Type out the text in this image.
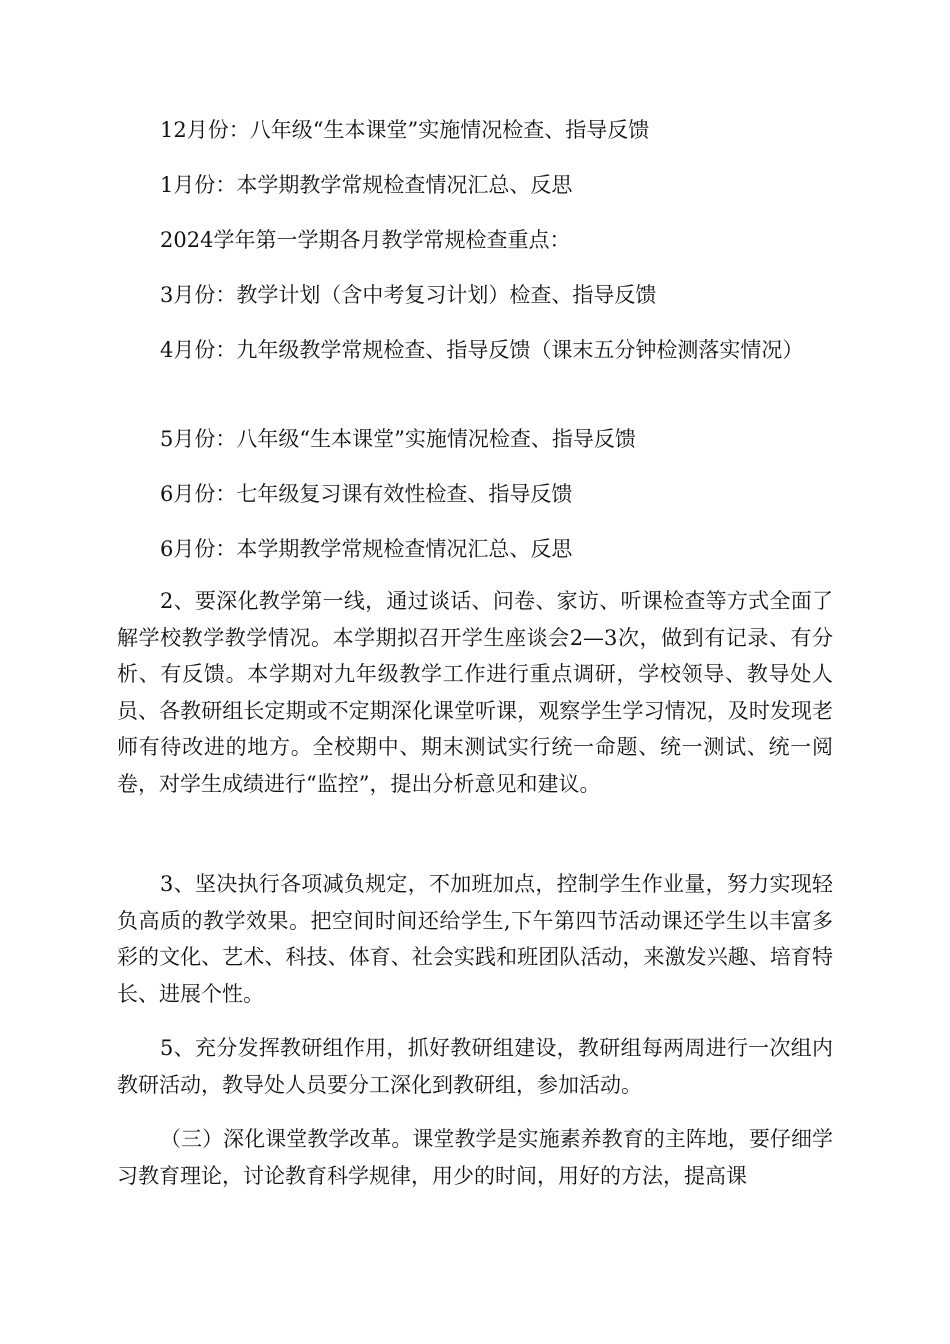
12月份：八年级“生本课堂”实施情况检查、指导反馈
1月份：本学期教学常规检查情况汇总、反思
2024学年第一学期各月教学常规检查重点：
3月份：教学计划（含中考复习计划）检查、指导反馈
4月份：九年级教学常规检查、指导反馈（课末五分钟检测落实情况）
5月份：八年级“生本课堂”实施情况检查、指导反馈
6月份：七年级复习课有效性检查、指导反馈
6月份：本学期教学常规检查情况汇总、反思
2、要深化教学第一线，通过谈话、问卷、家访、听课检查等方式全面了解学校教学教学情况。本学期拟召开学生座谈会2—3次，做到有记录、有分析、有反馈。本学期对九年级教学工作进行重点调研，学校领导、教导处人员、各教研组长定期或不定期深化课堂听课，观察学生学习情况，及时发现老师有待改进的地方。全校期中、期末测试实行统一命题、统一测试、统一阅卷，对学生成绩进行“监控”，提出分析意见和建议。
3、坚决执行各项减负规定，不加班加点，控制学生作业量，努力实现轻负高质的教学效果。把空间时间还给学生,下午第四节活动课还学生以丰富多彩的文化、艺术、科技、体育、社会实践和班团队活动，来激发兴趣、培育特长、进展个性。
5、充分发挥教研组作用，抓好教研组建设，教研组每两周进行一次组内教研活动，教导处人员要分工深化到教研组，参加活动。
（三）深化课堂教学改革。课堂教学是实施素养教育的主阵地，要仔细学习教育理论，讨论教育科学规律，用少的时间，用好的方法，提高课
